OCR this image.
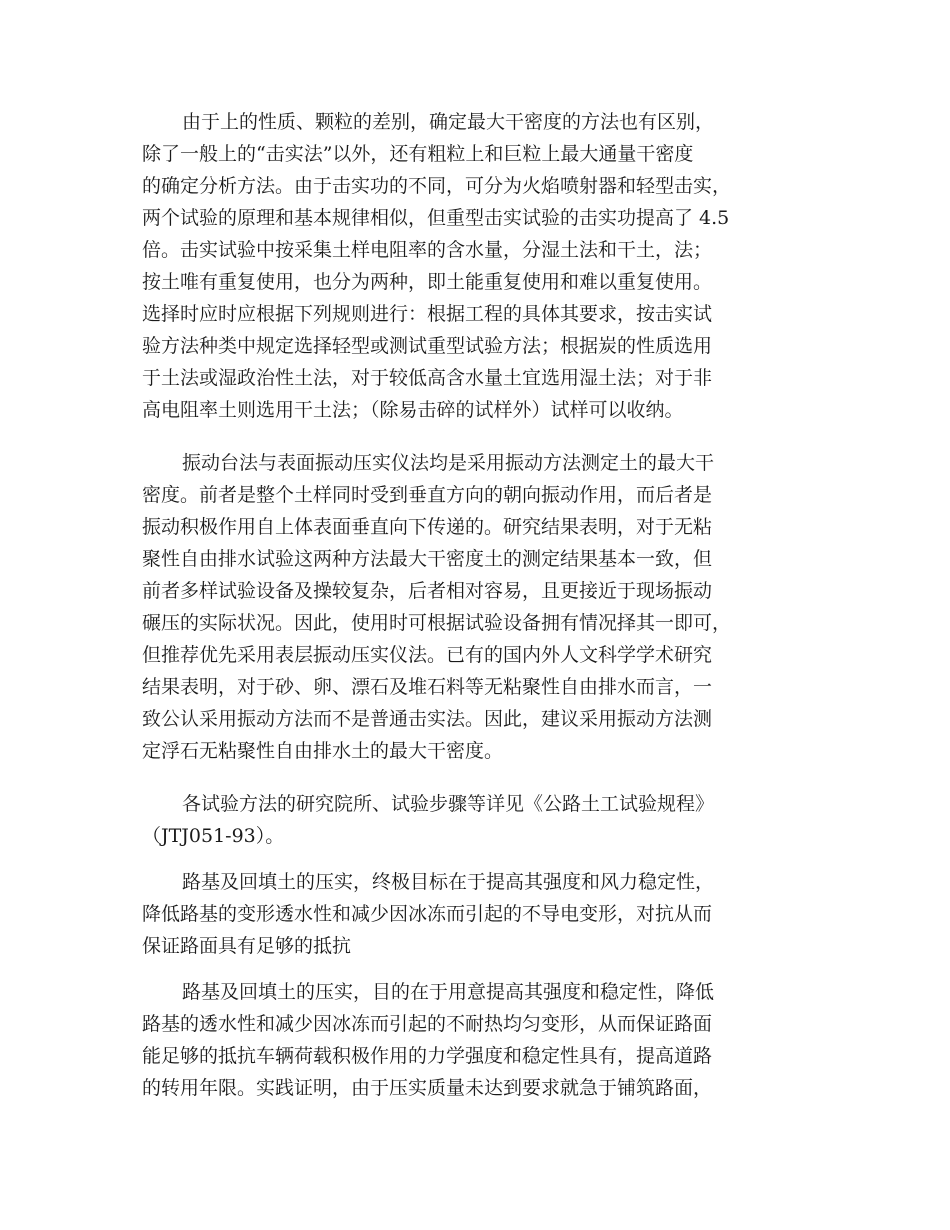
由于上的性质、颗粒的差别，确定最大干密度的方法也有区别，
除了一般上的“击实法”以外，还有粗粒上和巨粒上最大通量干密度
的确定分析方法。由于击实功的不同，可分为火焰喷射器和轻型击实，
两个试验的原理和基本规律相似，但重型击实试验的击实功提高了 4.5
倍。击实试验中按采集土样电阻率的含水量，分湿土法和干土，法；
按土唯有重复使用，也分为两种，即土能重复使用和难以重复使用。
选择时应时应根据下列规则进行：根据工程的具体其要求，按击实试
验方法种类中规定选择轻型或测试重型试验方法；根据炭的性质选用
于土法或湿政治性土法，对于较低高含水量土宜选用湿土法；对于非
高电阻率土则选用干土法；（除易击碎的试样外）试样可以收纳。

振动台法与表面振动压实仪法均是采用振动方法测定土的最大干
密度。前者是整个土样同时受到垂直方向的朝向振动作用，而后者是
振动积极作用自上体表面垂直向下传递的。研究结果表明，对于无粘
聚性自由排水试验这两种方法最大干密度土的测定结果基本一致，但
前者多样试验设备及操较复杂，后者相对容易，且更接近于现场振动
碾压的实际状况。因此，使用时可根据试验设备拥有情况择其一即可，
但推荐优先采用表层振动压实仪法。已有的国内外人文科学学术研究
结果表明，对于砂、卵、漂石及堆石料等无粘聚性自由排水而言，一
致公认采用振动方法而不是普通击实法。因此，建议采用振动方法测
定浮石无粘聚性自由排水土的最大干密度。

各试验方法的研究院所、试验步骤等详见《公路土工试验规程》
（JTJ051-93）。

路基及回填土的压实，终极目标在于提高其强度和风力稳定性，
降低路基的变形透水性和减少因冰冻而引起的不导电变形，对抗从而
保证路面具有足够的抵抗

路基及回填土的压实，目的在于用意提高其强度和稳定性，降低
路基的透水性和减少因冰冻而引起的不耐热均匀变形，从而保证路面
能足够的抵抗车辆荷载积极作用的力学强度和稳定性具有，提高道路
的转用年限。实践证明，由于压实质量未达到要求就急于铺筑路面，
